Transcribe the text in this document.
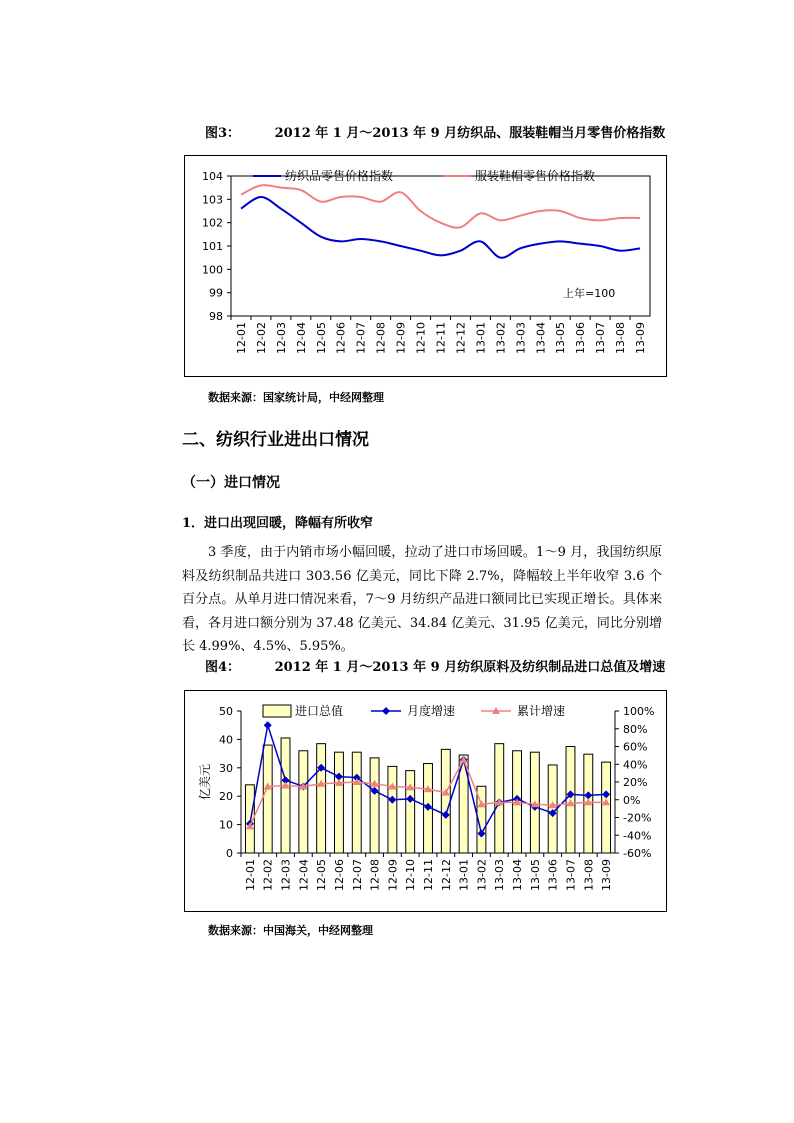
图3：	2012 年 1 月～2013 年 9 月纺织品、服装鞋帽当月零售价格指数
98
99
100
101
102
103
104
12-01 12-02 12-03 12-04 12-05 12-06 12-07 12-08 12-09 12-10 12-11 12-12 13-01 13-02 13-03 13-04 13-05 13-06 13-07 13-08 13-09
纺织品零售价格指数	服装鞋帽零售价格指数
上年=100
数据来源：国家统计局，中经网整理
二、纺织行业进出口情况
（一）进口情况
1．进口出现回暖，降幅有所收窄

3 季度，由于内销市场小幅回暖，拉动了进口市场回暖。1～9 月，我国纺织原料及纺织制品共进口 303.56 亿美元，同比下降 2.7%，降幅较上半年收窄 3.6 个百分点。从单月进口情况来看，7～9 月纺织产品进口额同比已实现正增长。具体来看，各月进口额分别为 37.48 亿美元、34.84 亿美元、31.95 亿美元，同比分别增长 4.99%、4.5%、5.95%。

图4：	2012 年 1 月～2013 年 9 月纺织原料及纺织制品进口总值及增速
0
10
20
30
40
50
-60%
-40%
-20%
0%
20%
40%
60%
80%
100%
亿美元
12-01 12-02 12-03 12-04 12-05 12-06 12-07 12-08 12-09 12-10 12-11 12-12 13-01 13-02 13-03 13-04 13-05 13-06 13-07 13-08 13-09
进口总值	月度增速	累计增速
数据来源：中国海关，中经网整理
